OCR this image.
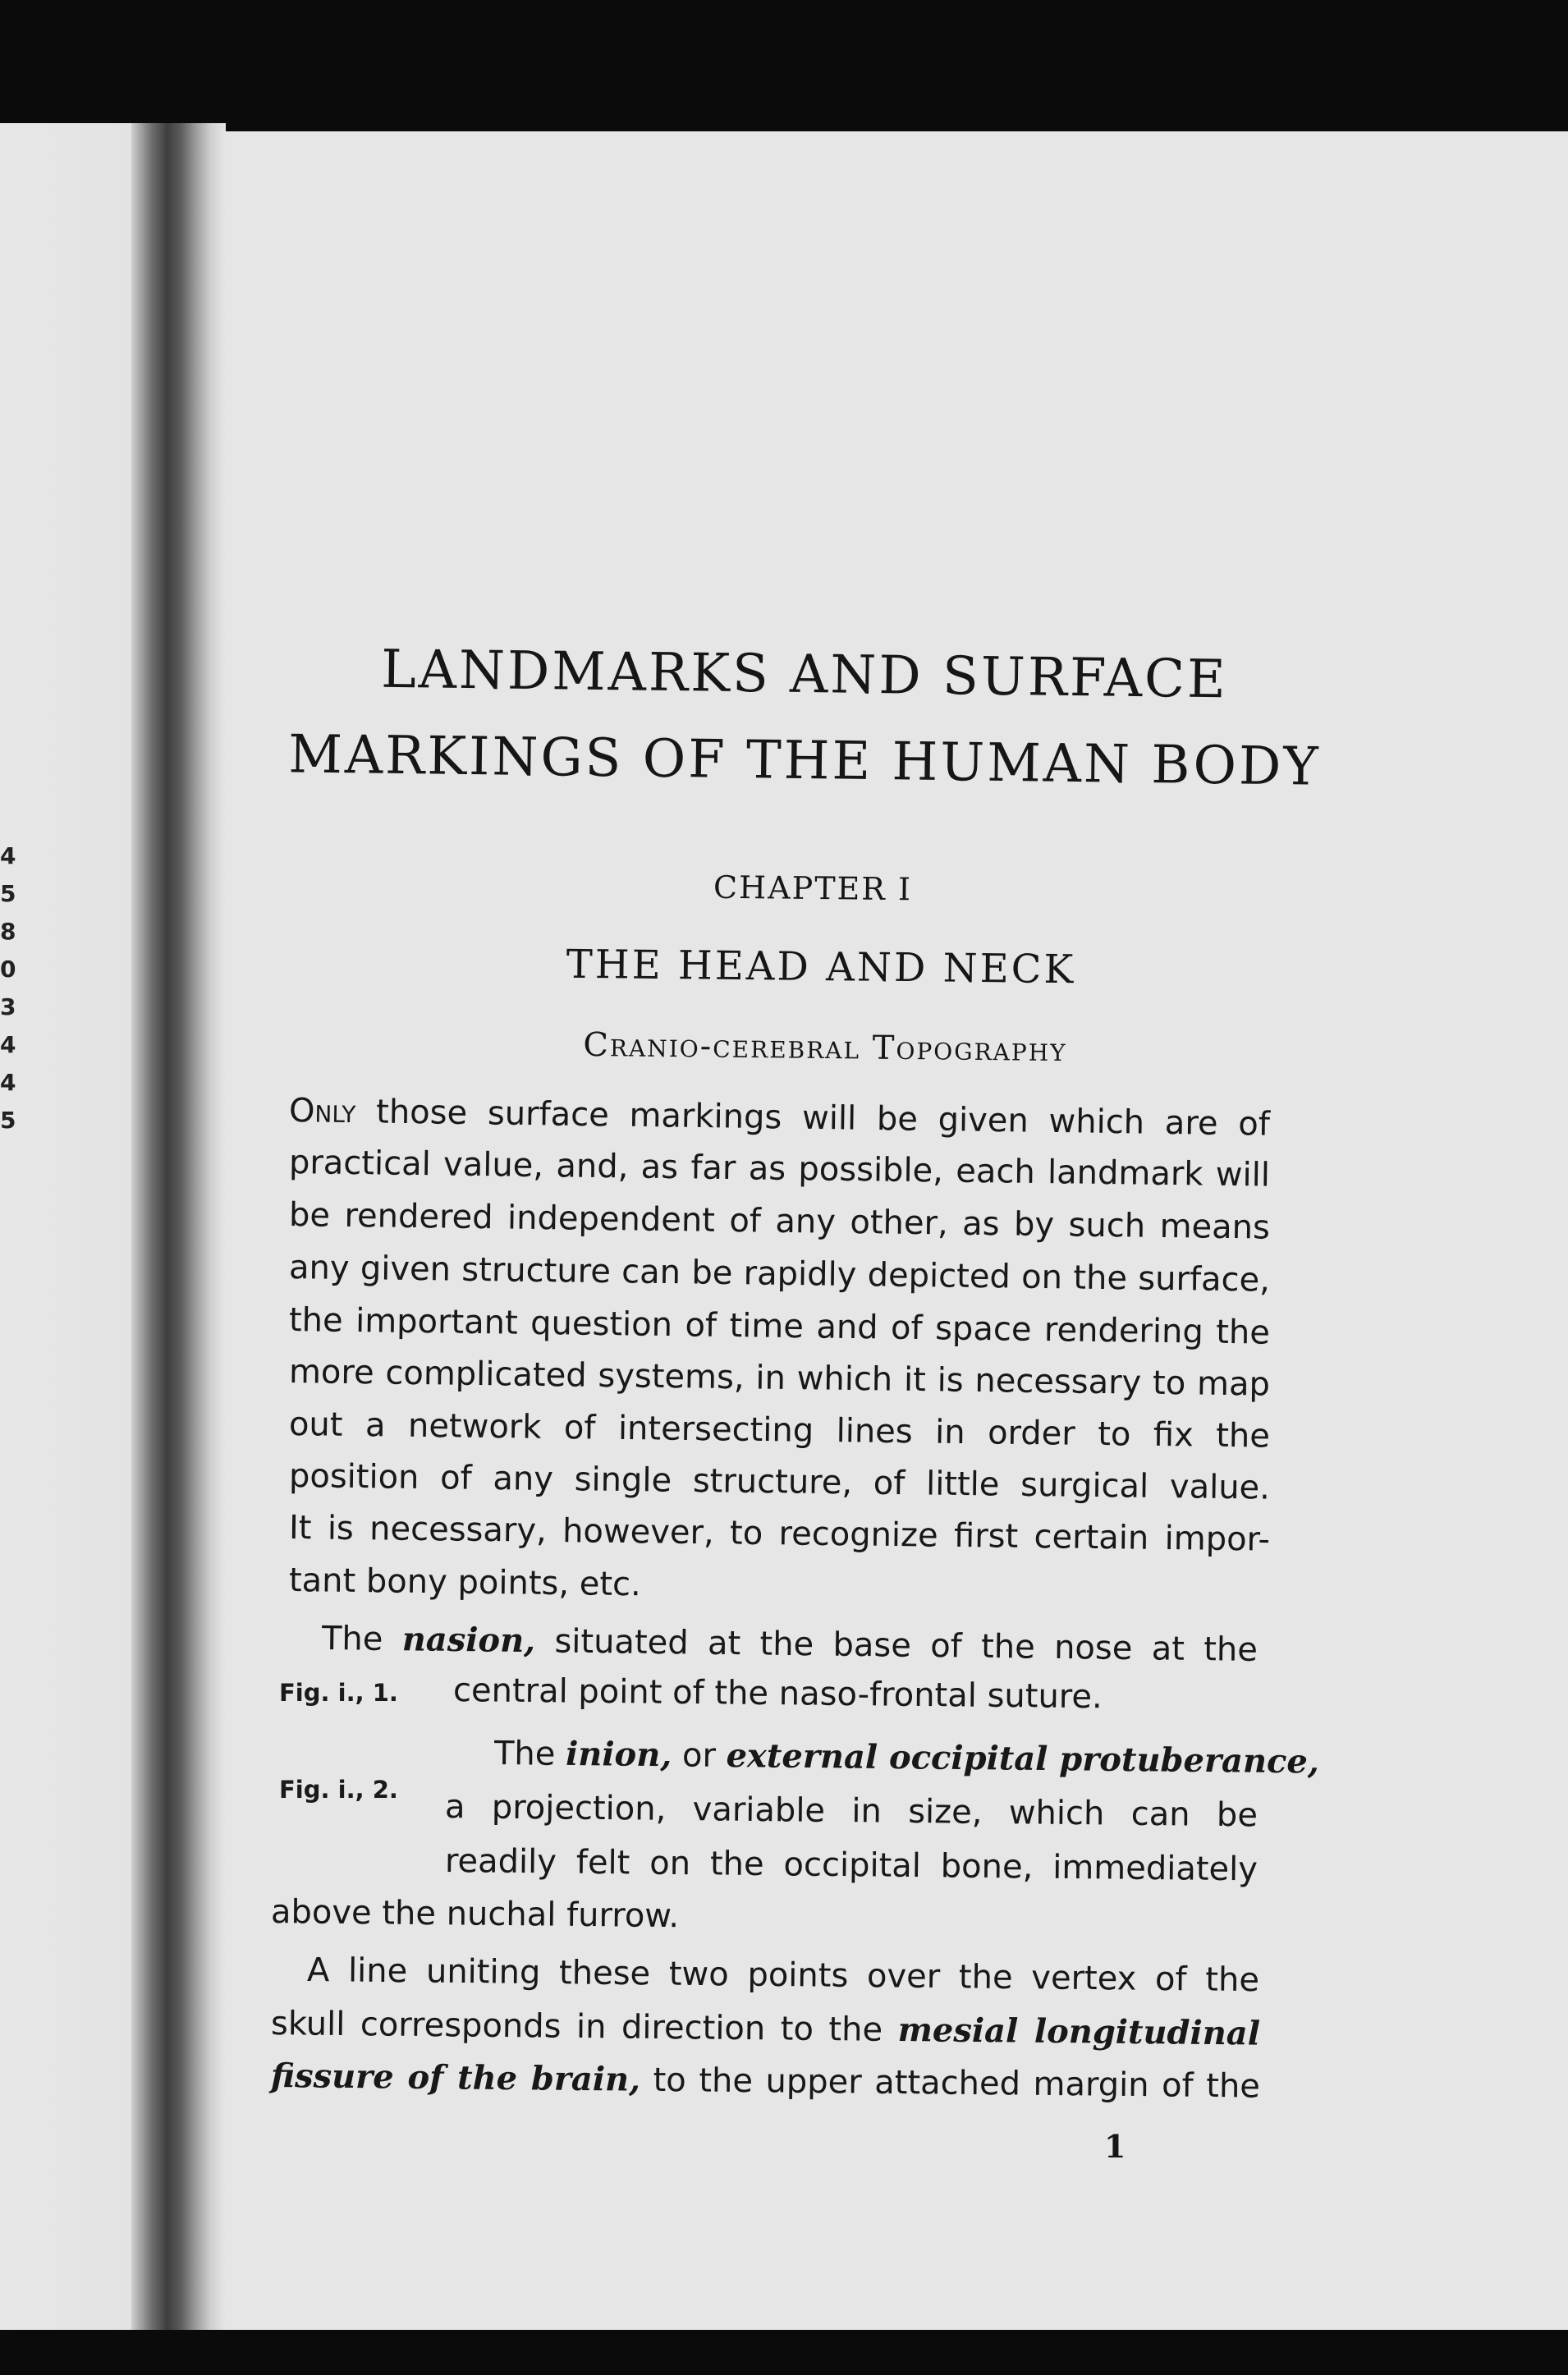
4
5
8
0
3
4
4
5
LANDMARKS AND SURFACE
MARKINGS OF THE HUMAN BODY
CHAPTER I
THE HEAD AND NECK
Cranio-cerebral Topography
Only those surface markings will be given which are of
practical value, and, as far as possible, each landmark will
be rendered independent of any other, as by such means
any given structure can be rapidly depicted on the surface,
the important question of time and of space rendering the
more complicated systems, in which it is necessary to map
out a network of intersecting lines in order to fix the
position of any single structure, of little surgical value.
It is necessary, however, to recognize first certain impor-
tant bony points, etc.
The nasion, situated at the base of the nose at the
central point of the naso-frontal suture.
The inion, or external occipital protuberance,
a projection, variable in size, which can be
readily felt on the occipital bone, immediately
above the nuchal furrow.
A line uniting these two points over the vertex of the
skull corresponds in direction to the mesial longitudinal
fissure of the brain, to the upper attached margin of the
Fig. i., 1.
Fig. i., 2.
1
